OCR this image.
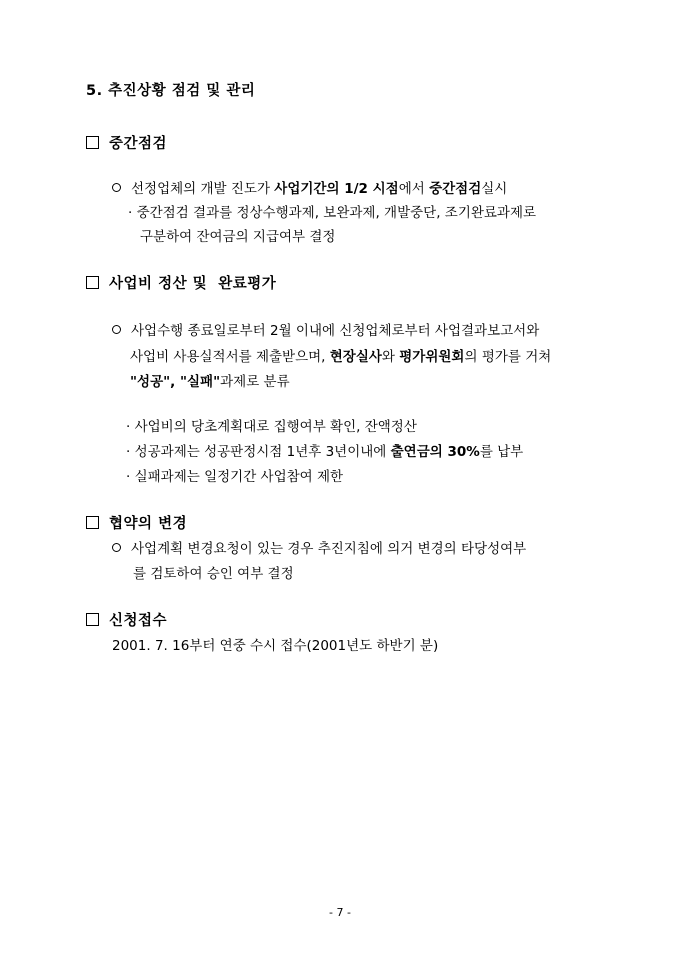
5. 추진상황 점검 및 관리
중간점검
선정업체의 개발 진도가 사업기간의 1/2 시점에서 중간점검실시
· 중간점검 결과를 정상수행과제, 보완과제, 개발중단, 조기완료과제로
구분하여 잔여금의 지급여부 결정
사업비 정산 및  완료평가
사업수행 종료일로부터 2월 이내에 신청업체로부터 사업결과보고서와
사업비 사용실적서를 제출받으며, 현장실사와 평가위원회의 평가를 거쳐
"성공", "실패"과제로 분류
· 사업비의 당초계획대로 집행여부 확인, 잔액정산
· 성공과제는 성공판정시점 1년후 3년이내에 출연금의 30%를 납부
· 실패과제는 일정기간 사업참여 제한
협약의 변경
사업계획 변경요청이 있는 경우 추진지침에 의거 변경의 타당성여부
를 검토하여 승인 여부 결정
신청접수
2001. 7. 16부터 연중 수시 접수(2001년도 하반기 분)
- 7 -
